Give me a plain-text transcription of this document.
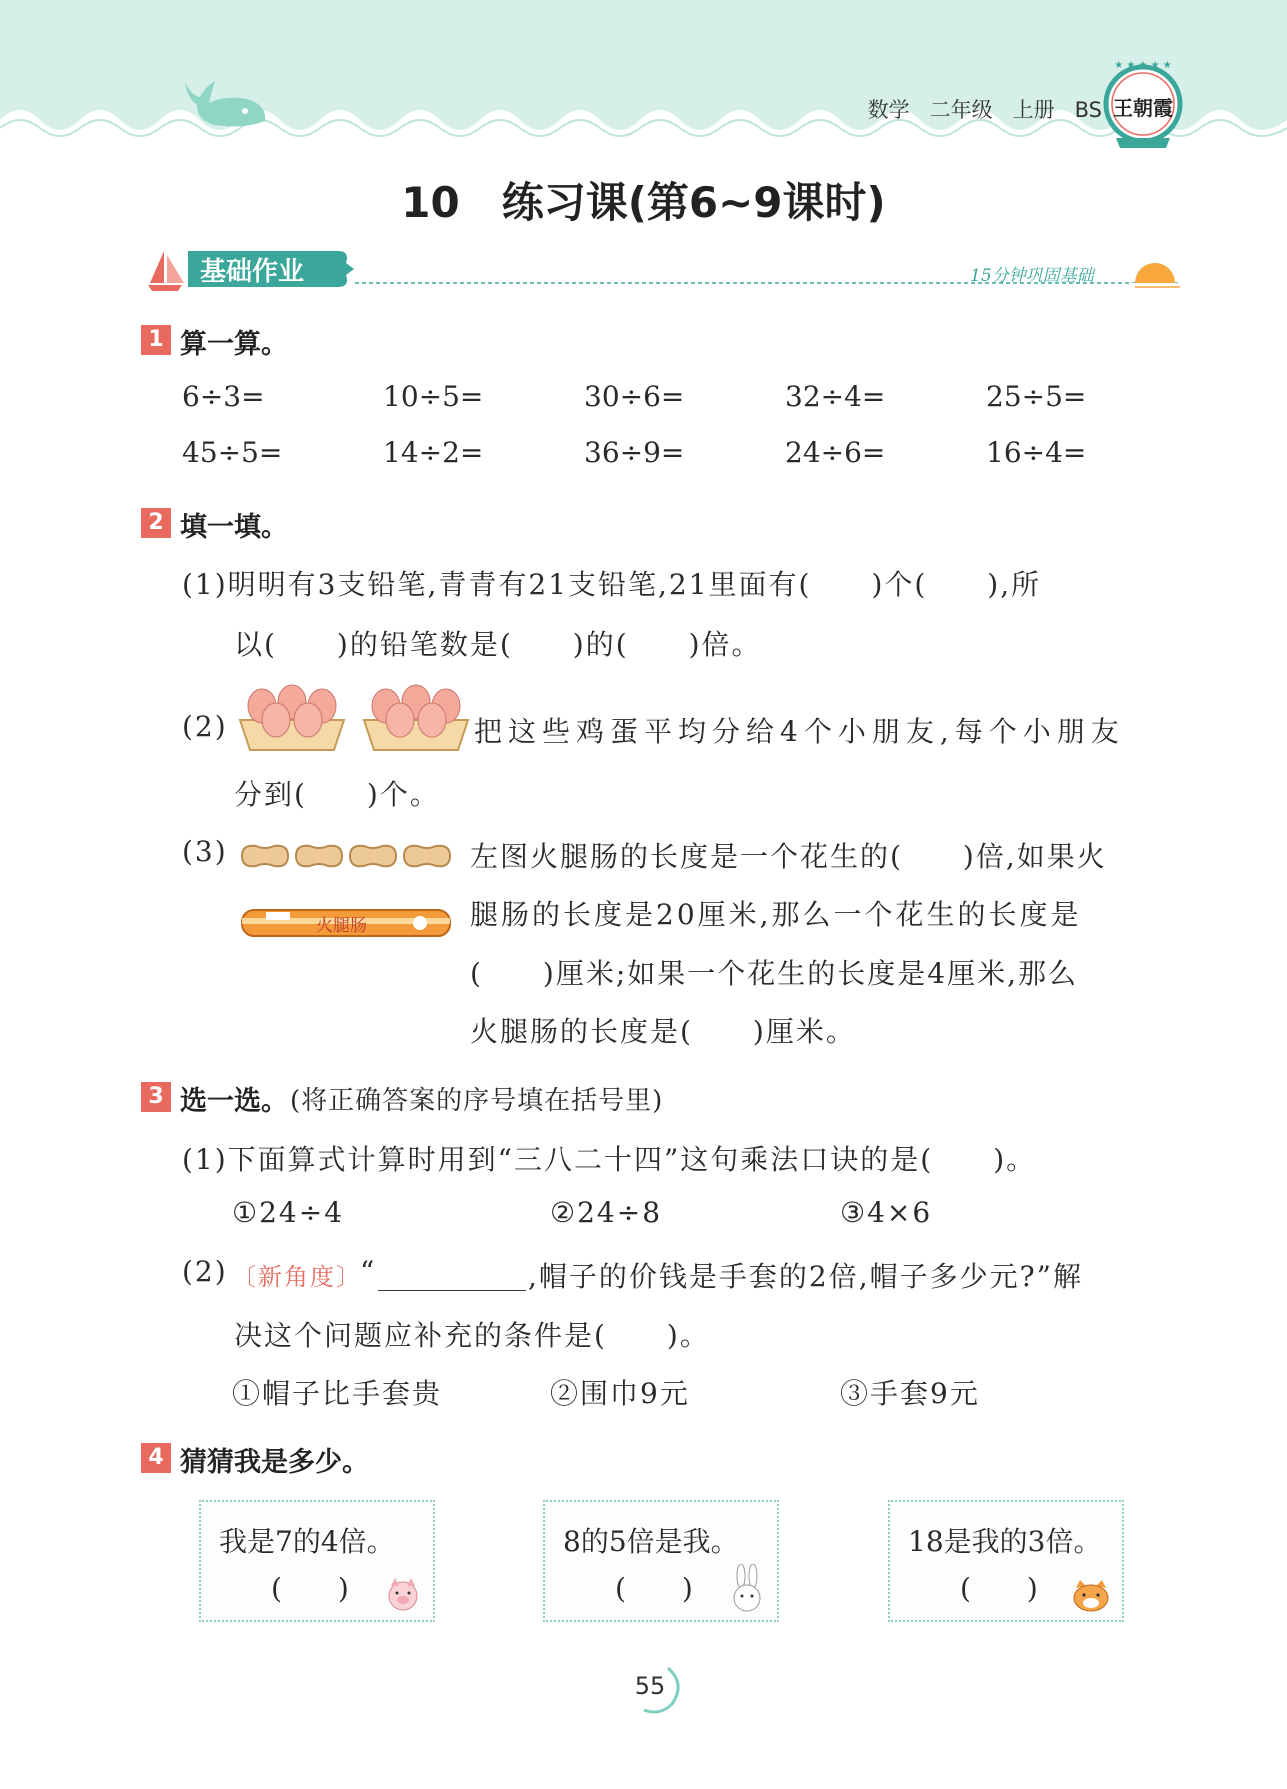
数学 二年级 上册 BS
★ ★ ★ ★ ★
王朝霞
10　练习课(第6~9课时)
基础作业	15分钟巩固基础
1 算一算。
6÷3=	10÷5=	30÷6=	32÷4=	25÷5=
45÷5=	14÷2=	36÷9=	24÷6=	16÷4=
2 填一填。
(1)明明有3支铅笔,青青有21支铅笔,21里面有(　　)个(　　),所
以(　　)的铅笔数是(　　)的(　　)倍。
(2)	把这些鸡蛋平均分给4个小朋友,每个小朋友
分到(　　)个。
(3)
火腿肠
左图火腿肠的长度是一个花生的(　　)倍,如果火
腿肠的长度是20厘米,那么一个花生的长度是
(　　)厘米;如果一个花生的长度是4厘米,那么
火腿肠的长度是(　　)厘米。
3 选一选。 (将正确答案的序号填在括号里)
(1)下面算式计算时用到“三八二十四”这句乘法口诀的是(　　)。
①24÷4	②24÷8	③4×6
(2) 〔新角度〕
“	,帽子的价钱是手套的2倍,帽子多少元?”解
决这个问题应补充的条件是(　　)。
①帽子比手套贵	②围巾9元	③手套9元
4 猜猜我是多少。
我是7的4倍。
(　　)
8的5倍是我。
(　　)
18是我的3倍。
(　　)
55
